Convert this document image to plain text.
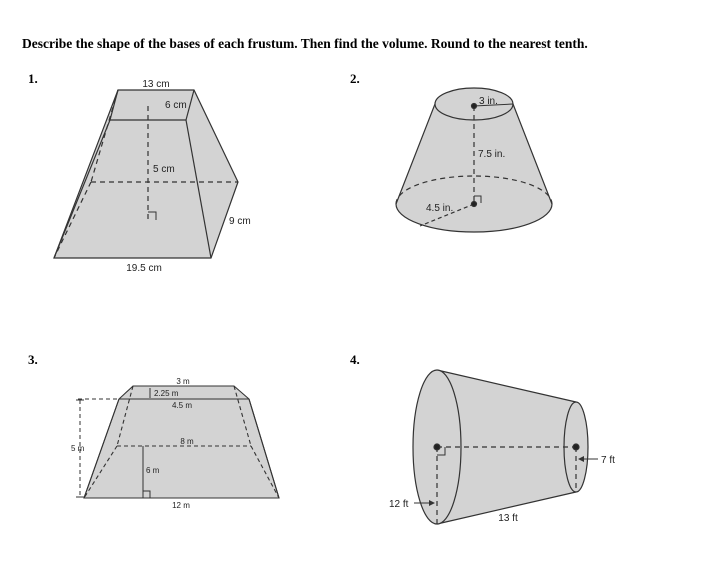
Describe the shape of the bases of each frustum. Then find the volume. Round to the nearest tenth.
1.	2.
3.	4.
13 cm
6 cm
5 cm
9 cm
19.5 cm
3 in.
7.5 in.
4.5 in.
3 m
2.25 m
4.5 m
8 m
5 m
6 m
12 m
7 ft
12 ft
13 ft
